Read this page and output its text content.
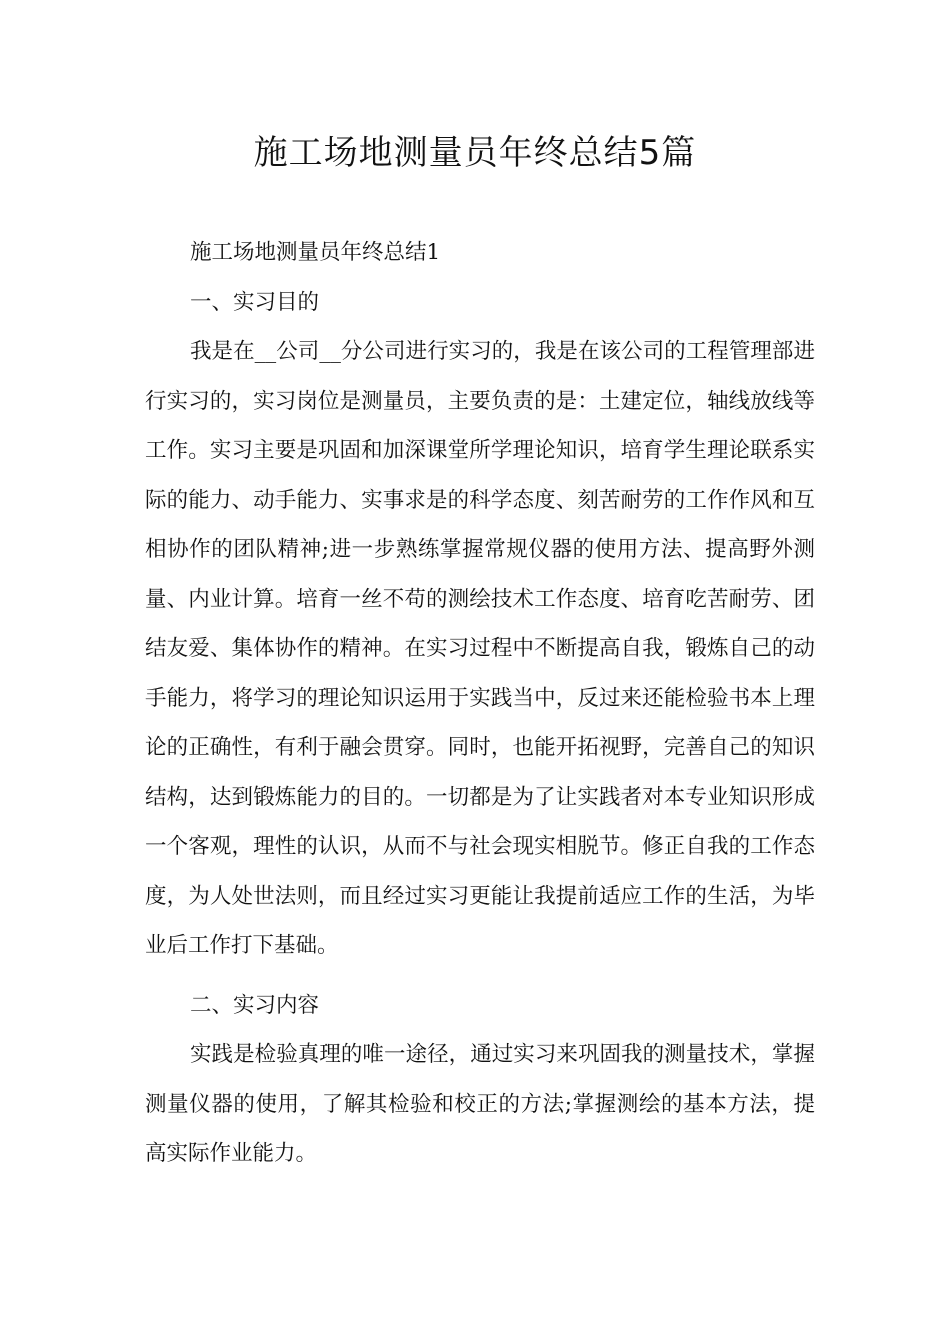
施工场地测量员年终总结5篇

施工场地测量员年终总结1

一、实习目的

我是在__公司__分公司进行实习的，我是在该公司的工程管理部进行实习的，实习岗位是测量员，主要负责的是：土建定位，轴线放线等工作。实习主要是巩固和加深课堂所学理论知识，培育学生理论联系实际的能力、动手能力、实事求是的科学态度、刻苦耐劳的工作作风和互相协作的团队精神;进一步熟练掌握常规仪器的使用方法、提高野外测量、内业计算。培育一丝不苟的测绘技术工作态度、培育吃苦耐劳、团结友爱、集体协作的精神。在实习过程中不断提高自我，锻炼自己的动手能力，将学习的理论知识运用于实践当中，反过来还能检验书本上理论的正确性，有利于融会贯穿。同时，也能开拓视野，完善自己的知识结构，达到锻炼能力的目的。一切都是为了让实践者对本专业知识形成一个客观，理性的认识，从而不与社会现实相脱节。修正自我的工作态度，为人处世法则，而且经过实习更能让我提前适应工作的生活，为毕业后工作打下基础。

二、实习内容

实践是检验真理的唯一途径，通过实习来巩固我的测量技术，掌握测量仪器的使用，了解其检验和校正的方法;掌握测绘的基本方法，提高实际作业能力。
